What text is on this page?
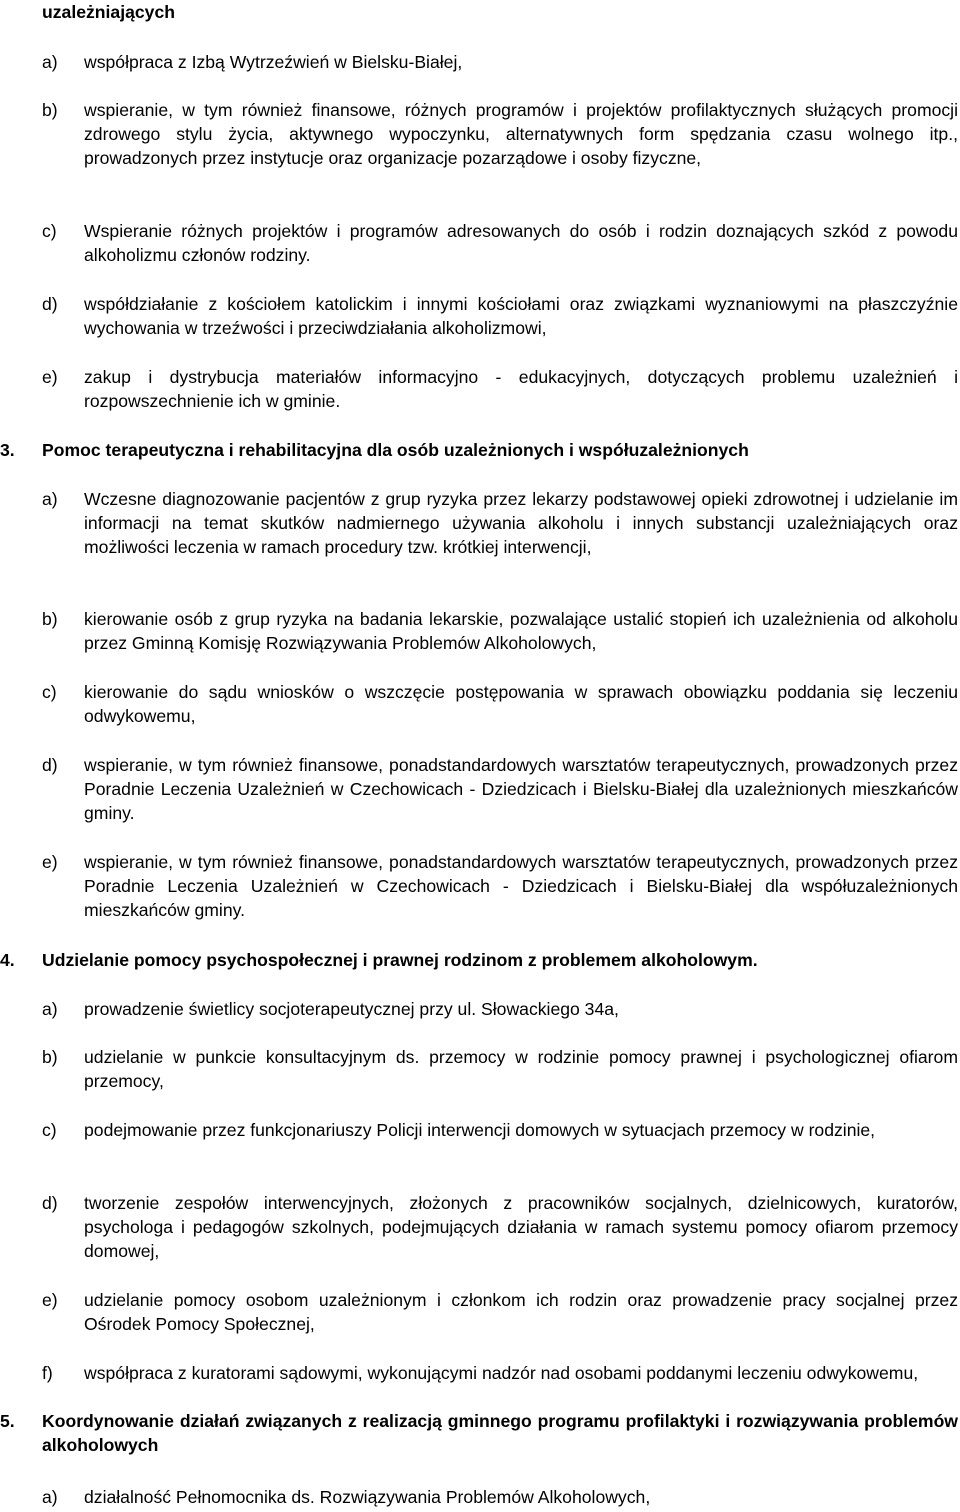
uzależniających

a)	współpraca z Izbą Wytrzeźwień w Bielsku-Białej,

b)	wspieranie, w tym również finansowe, różnych programów i projektów profilaktycznych służących promocji zdrowego stylu życia, aktywnego wypoczynku, alternatywnych form spędzania czasu wolnego itp., prowadzonych przez instytucje oraz organizacje pozarządowe i osoby fizyczne,

c)	Wspieranie różnych projektów i programów adresowanych do osób i rodzin doznających szkód z powodu alkoholizmu członów rodziny.

d)	współdziałanie z kościołem katolickim i innymi kościołami oraz związkami wyznaniowymi na płaszczyźnie wychowania w trzeźwości i przeciwdziałania alkoholizmowi,

e)	zakup i dystrybucja materiałów informacyjno - edukacyjnych, dotyczących problemu uzależnień i rozpowszechnienie ich w gminie.

3.	Pomoc terapeutyczna i rehabilitacyjna dla osób uzależnionych i współuzależnionych

a)	Wczesne diagnozowanie pacjentów z grup ryzyka przez lekarzy podstawowej opieki zdrowotnej i udzielanie im informacji na temat skutków nadmiernego używania alkoholu i innych substancji uzależniających oraz możliwości leczenia w ramach procedury tzw. krótkiej interwencji,

b)	kierowanie osób z grup ryzyka na badania lekarskie, pozwalające ustalić stopień ich uzależnienia od alkoholu przez Gminną Komisję Rozwiązywania Problemów Alkoholowych,

c)	kierowanie do sądu wniosków o wszczęcie postępowania w sprawach obowiązku poddania się leczeniu odwykowemu,

d)	wspieranie, w tym również finansowe, ponadstandardowych warsztatów terapeutycznych, prowadzonych przez Poradnie Leczenia Uzależnień w Czechowicach - Dziedzicach i Bielsku-Białej dla uzależnionych mieszkańców gminy.

e)	wspieranie, w tym również finansowe, ponadstandardowych warsztatów terapeutycznych, prowadzonych przez Poradnie Leczenia Uzależnień w Czechowicach - Dziedzicach i Bielsku-Białej dla współuzależnionych mieszkańców gminy.

4.	Udzielanie pomocy psychospołecznej i prawnej rodzinom z problemem alkoholowym.

a)	prowadzenie świetlicy socjoterapeutycznej przy ul. Słowackiego 34a,

b)	udzielanie w punkcie konsultacyjnym ds. przemocy w rodzinie pomocy prawnej i psychologicznej ofiarom przemocy,

c)	podejmowanie przez funkcjonariuszy Policji interwencji domowych w sytuacjach przemocy w rodzinie,

d)	tworzenie zespołów interwencyjnych, złożonych z pracowników socjalnych, dzielnicowych, kuratorów, psychologa i pedagogów szkolnych, podejmujących działania w ramach systemu pomocy ofiarom przemocy domowej,

e)	udzielanie pomocy osobom uzależnionym i członkom ich rodzin oraz prowadzenie pracy socjalnej przez Ośrodek Pomocy Społecznej,

f)	współpraca z kuratorami sądowymi, wykonującymi nadzór nad osobami poddanymi leczeniu odwykowemu,

5.	Koordynowanie działań związanych z realizacją gminnego programu profilaktyki i rozwiązywania problemów alkoholowych

a)	działalność Pełnomocnika ds. Rozwiązywania Problemów Alkoholowych,
